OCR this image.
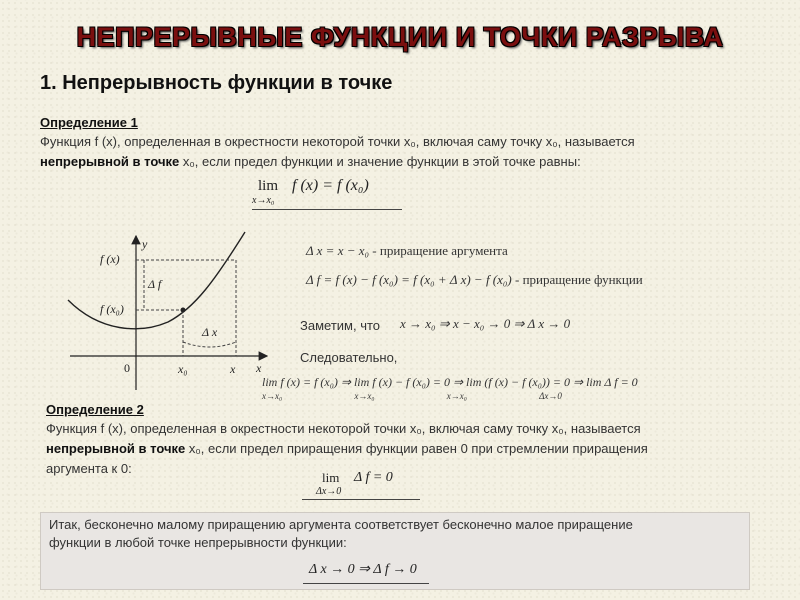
НЕПРЕРЫВНЫЕ ФУНКЦИИ И ТОЧКИ РАЗРЫВА
1. Непрерывность функции в точке
Определение 1
Функция f (x), определенная в окрестности некоторой точки x₀, включая саму точку x₀, называется
непрерывной в точке x₀, если предел функции и значение функции в этой точке равны:
lim
x→x₀
f (x) = f (x₀)
y
x
0
f (x)
f (x₀)
Δ f
Δ x
x₀	x
Δ x = x − x₀ - приращение аргумента
Δ f = f (x) − f (x₀) = f (x₀ + Δ x) − f (x₀) - приращение функции
Заметим, что x → x₀ ⇒ x − x₀ → 0 ⇒ Δ x → 0
Следовательно,
lim f (x) = f (x₀) ⇒ lim f (x) − f (x₀) = 0 ⇒ lim (f (x) − f (x₀)) = 0 ⇒ lim Δ f = 0
x→x₀ x→x₀ x→x₀ Δx→0
Определение 2
Функция f (x), определенная в окрестности некоторой точки x₀, включая саму точку x₀, называется
непрерывной в точке x₀, если предел приращения функции равен 0 при стремлении приращения
аргумента к 0:
lim
Δx→0
Δ f = 0
Итак, бесконечно малому приращению аргумента соответствует бесконечно малое приращение
функции в любой точке непрерывности функции:
Δ x → 0 ⇒ Δ f → 0
